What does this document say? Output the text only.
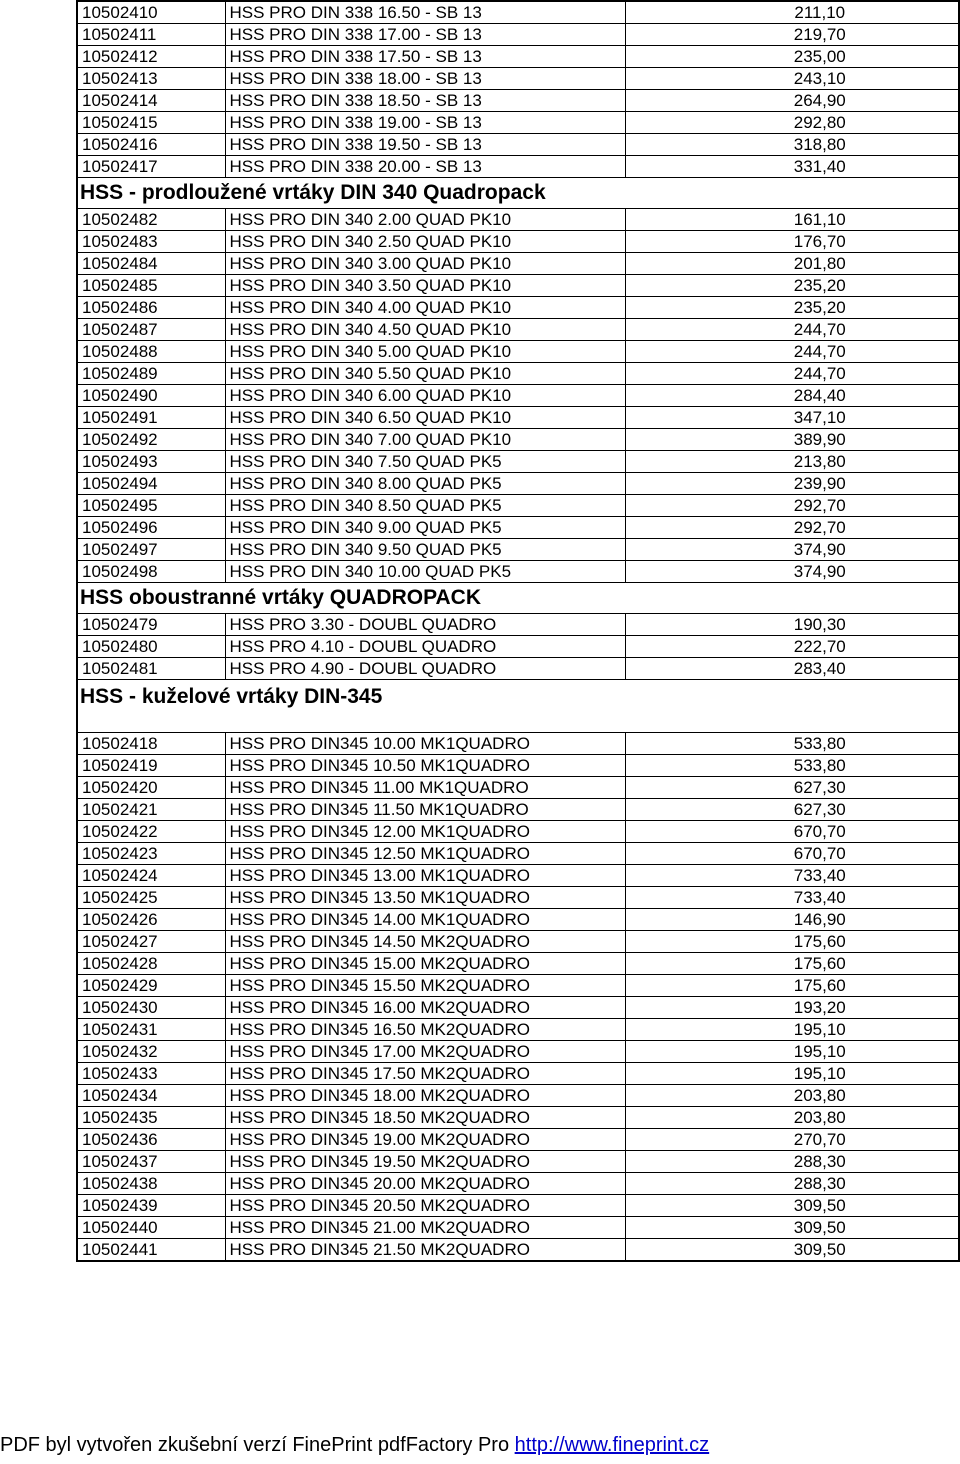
10502410	HSS PRO DIN 338 16.50 - SB 13	211,10
10502411	HSS PRO DIN 338 17.00 - SB 13	219,70
10502412	HSS PRO DIN 338 17.50 - SB 13	235,00
10502413	HSS PRO DIN 338 18.00 - SB 13	243,10
10502414	HSS PRO DIN 338 18.50 - SB 13	264,90
10502415	HSS PRO DIN 338 19.00 - SB 13	292,80
10502416	HSS PRO DIN 338 19.50 - SB 13	318,80
10502417	HSS PRO DIN 338 20.00 - SB 13	331,40
HSS - prodloužené vrtáky DIN 340 Quadropack		
10502482	HSS PRO DIN 340 2.00 QUAD PK10	161,10
10502483	HSS PRO DIN 340 2.50 QUAD PK10	176,70
10502484	HSS PRO DIN 340 3.00 QUAD PK10	201,80
10502485	HSS PRO DIN 340 3.50 QUAD PK10	235,20
10502486	HSS PRO DIN 340 4.00 QUAD PK10	235,20
10502487	HSS PRO DIN 340 4.50 QUAD PK10	244,70
10502488	HSS PRO DIN 340 5.00 QUAD PK10	244,70
10502489	HSS PRO DIN 340 5.50 QUAD PK10	244,70
10502490	HSS PRO DIN 340 6.00 QUAD PK10	284,40
10502491	HSS PRO DIN 340 6.50 QUAD PK10	347,10
10502492	HSS PRO DIN 340 7.00 QUAD PK10	389,90
10502493	HSS PRO DIN 340 7.50 QUAD PK5	213,80
10502494	HSS PRO DIN 340 8.00 QUAD PK5	239,90
10502495	HSS PRO DIN 340 8.50 QUAD PK5	292,70
10502496	HSS PRO DIN 340 9.00 QUAD PK5	292,70
10502497	HSS PRO DIN 340 9.50 QUAD PK5	374,90
10502498	HSS PRO DIN 340 10.00 QUAD PK5	374,90
HSS oboustranné vrtáky QUADROPACK		
10502479	HSS PRO 3.30 - DOUBL QUADRO	190,30
10502480	HSS PRO 4.10 - DOUBL QUADRO	222,70
10502481	HSS PRO 4.90 - DOUBL QUADRO	283,40
HSS - kuželové vrtáky DIN-345		
10502418	HSS PRO DIN345 10.00 MK1QUADRO	533,80
10502419	HSS PRO DIN345 10.50 MK1QUADRO	533,80
10502420	HSS PRO DIN345 11.00 MK1QUADRO	627,30
10502421	HSS PRO DIN345 11.50 MK1QUADRO	627,30
10502422	HSS PRO DIN345 12.00 MK1QUADRO	670,70
10502423	HSS PRO DIN345 12.50 MK1QUADRO	670,70
10502424	HSS PRO DIN345 13.00 MK1QUADRO	733,40
10502425	HSS PRO DIN345 13.50 MK1QUADRO	733,40
10502426	HSS PRO DIN345 14.00 MK1QUADRO	146,90
10502427	HSS PRO DIN345 14.50 MK2QUADRO	175,60
10502428	HSS PRO DIN345 15.00 MK2QUADRO	175,60
10502429	HSS PRO DIN345 15.50 MK2QUADRO	175,60
10502430	HSS PRO DIN345 16.00 MK2QUADRO	193,20
10502431	HSS PRO DIN345 16.50 MK2QUADRO	195,10
10502432	HSS PRO DIN345 17.00 MK2QUADRO	195,10
10502433	HSS PRO DIN345 17.50 MK2QUADRO	195,10
10502434	HSS PRO DIN345 18.00 MK2QUADRO	203,80
10502435	HSS PRO DIN345 18.50 MK2QUADRO	203,80
10502436	HSS PRO DIN345 19.00 MK2QUADRO	270,70
10502437	HSS PRO DIN345 19.50 MK2QUADRO	288,30
10502438	HSS PRO DIN345 20.00 MK2QUADRO	288,30
10502439	HSS PRO DIN345 20.50 MK2QUADRO	309,50
10502440	HSS PRO DIN345 21.00 MK2QUADRO	309,50
10502441	HSS PRO DIN345 21.50 MK2QUADRO	309,50
PDF byl vytvořen zkušební verzí FinePrint pdfFactory Pro http://www.fineprint.cz
